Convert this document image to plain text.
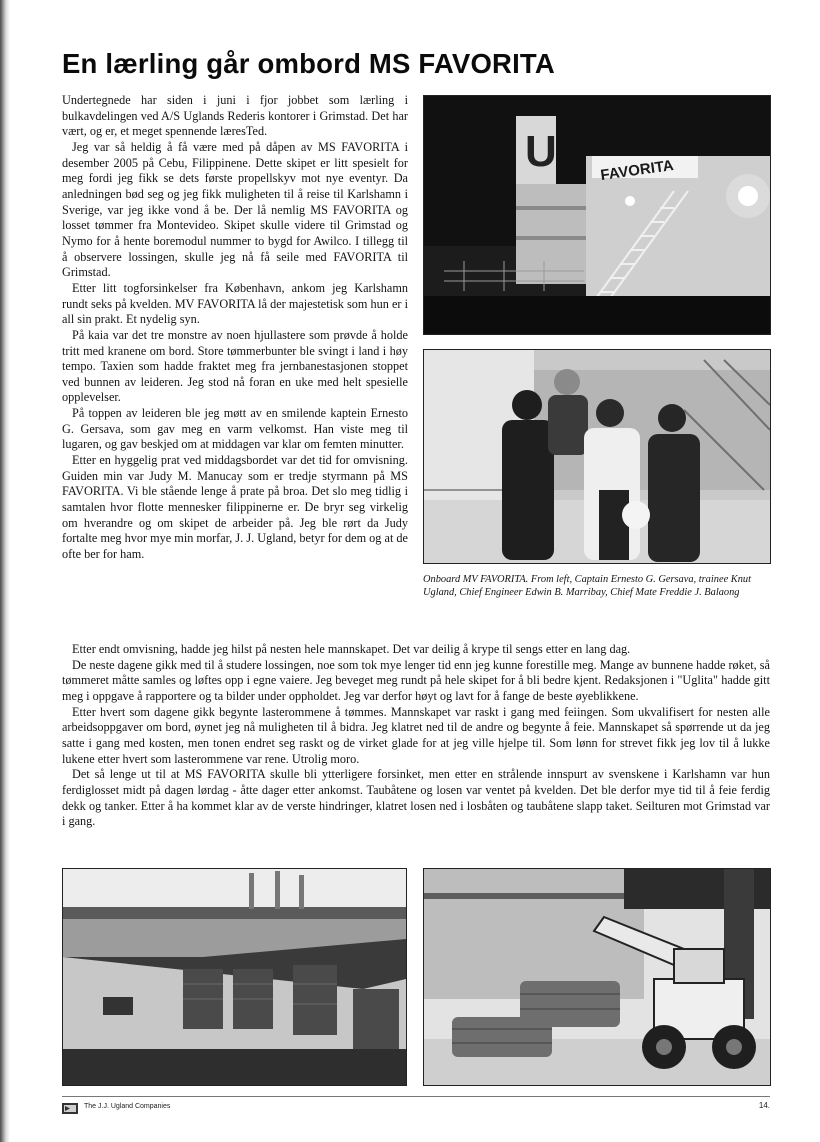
En lærling går ombord MS FAVORITA

Undertegnede har siden i juni i fjor jobbet som lærling i bulkavdelingen ved A/S Uglands Rederis kontorer i Grimstad. Det har vært, og er, et meget spennende læresTed.

Jeg var så heldig å få være med på dåpen av MS FAVORITA i desember 2005 på Cebu, Filippinene. Dette skipet er litt spesielt for meg fordi jeg fikk se dets første propellskyv mot nye eventyr. Da anledningen bød seg og jeg fikk muligheten til å reise til Karlshamn i Sverige, var jeg ikke vond å be. Der lå nemlig MS FAVORITA og losset tømmer fra Montevideo. Skipet skulle videre til Grimstad og Nymo for å hente boremodul nummer to bygd for Awilco. I tillegg til å observere lossingen, skulle jeg nå få seile med FAVORITA til Grimstad.

Etter litt togforsinkelser fra København, ankom jeg Karlshamn rundt seks på kvelden. MV FAVORITA lå der majestetisk som hun er i all sin prakt. Et nydelig syn.

På kaia var det tre monstre av noen hjullastere som prøvde å holde tritt med kranene om bord. Store tømmerbunter ble svingt i land i høy tempo. Taxien som hadde fraktet meg fra jernbanestasjonen stoppet ved bunnen av leideren. Jeg stod nå foran en uke med helt spesielle opplevelser.

På toppen av leideren ble jeg møtt av en smilende kaptein Ernesto G. Gersava, som gav meg en varm velkomst. Han viste meg til lugaren, og gav beskjed om at middagen var klar om femten minutter.

Etter en hyggelig prat ved middagsbordet var det tid for omvisning. Guiden min var Judy M. Manucay som er tredje styrmann på MS FAVORITA. Vi ble stående lenge å prate på broa. Det slo meg tidlig i samtalen hvor flotte mennesker filippinerne er. De bryr seg virkelig om hverandre og om skipet de arbeider på. Jeg ble rørt da Judy fortalte meg hvor mye min morfar, J. J. Ugland, betyr for dem og at de ofte ber for ham.

U	FAVORITA
Onboard MV FAVORITA. From left, Captain Ernesto G. Gersava, trainee Knut Ugland, Chief Engineer Edwin B. Marribay, Chief Mate Freddie J. Balaong

Etter endt omvisning, hadde jeg hilst på nesten hele mannskapet. Det var deilig å krype til sengs etter en lang dag.

De neste dagene gikk med til å studere lossingen, noe som tok mye lenger tid enn jeg kunne forestille meg. Mange av bunnene hadde røket, så tømmeret måtte samles og løftes opp i egne vaiere. Jeg beveget meg rundt på hele skipet for å bli bedre kjent. Redaksjonen i "Uglita" hadde gitt meg i oppgave å rapportere og ta bilder under oppholdet. Jeg var derfor høyt og lavt for å fange de beste øyeblikkene.

Etter hvert som dagene gikk begynte lasterommene å tømmes. Mannskapet var raskt i gang med feiingen. Som ukvalifisert for nesten alle arbeidsoppgaver om bord, øynet jeg nå muligheten til å bidra. Jeg klatret ned til de andre og begynte å feie. Mannskapet så spørrende ut da jeg satte i gang med kosten, men tonen endret seg raskt og de virket glade for at jeg ville hjelpe til. Som lønn for strevet fikk jeg lov til å lukke lukene etter hvert som lasterommene var rene. Utrolig moro.

Det så lenge ut til at MS FAVORITA skulle bli ytterligere forsinket, men etter en strålende innspurt av svenskene i Karlshamn var hun ferdiglosset midt på dagen lørdag - åtte dager etter ankomst. Taubåtene og losen var ventet på kvelden. Det ble derfor mye tid til å feie ferdig dekk og tanker. Etter å ha kommet klar av de verste hindringer, klatret losen ned i losbåten og taubåtene slapp taket. Seilturen mot Grimstad var i gang.

The J.J. Ugland Companies	14.
